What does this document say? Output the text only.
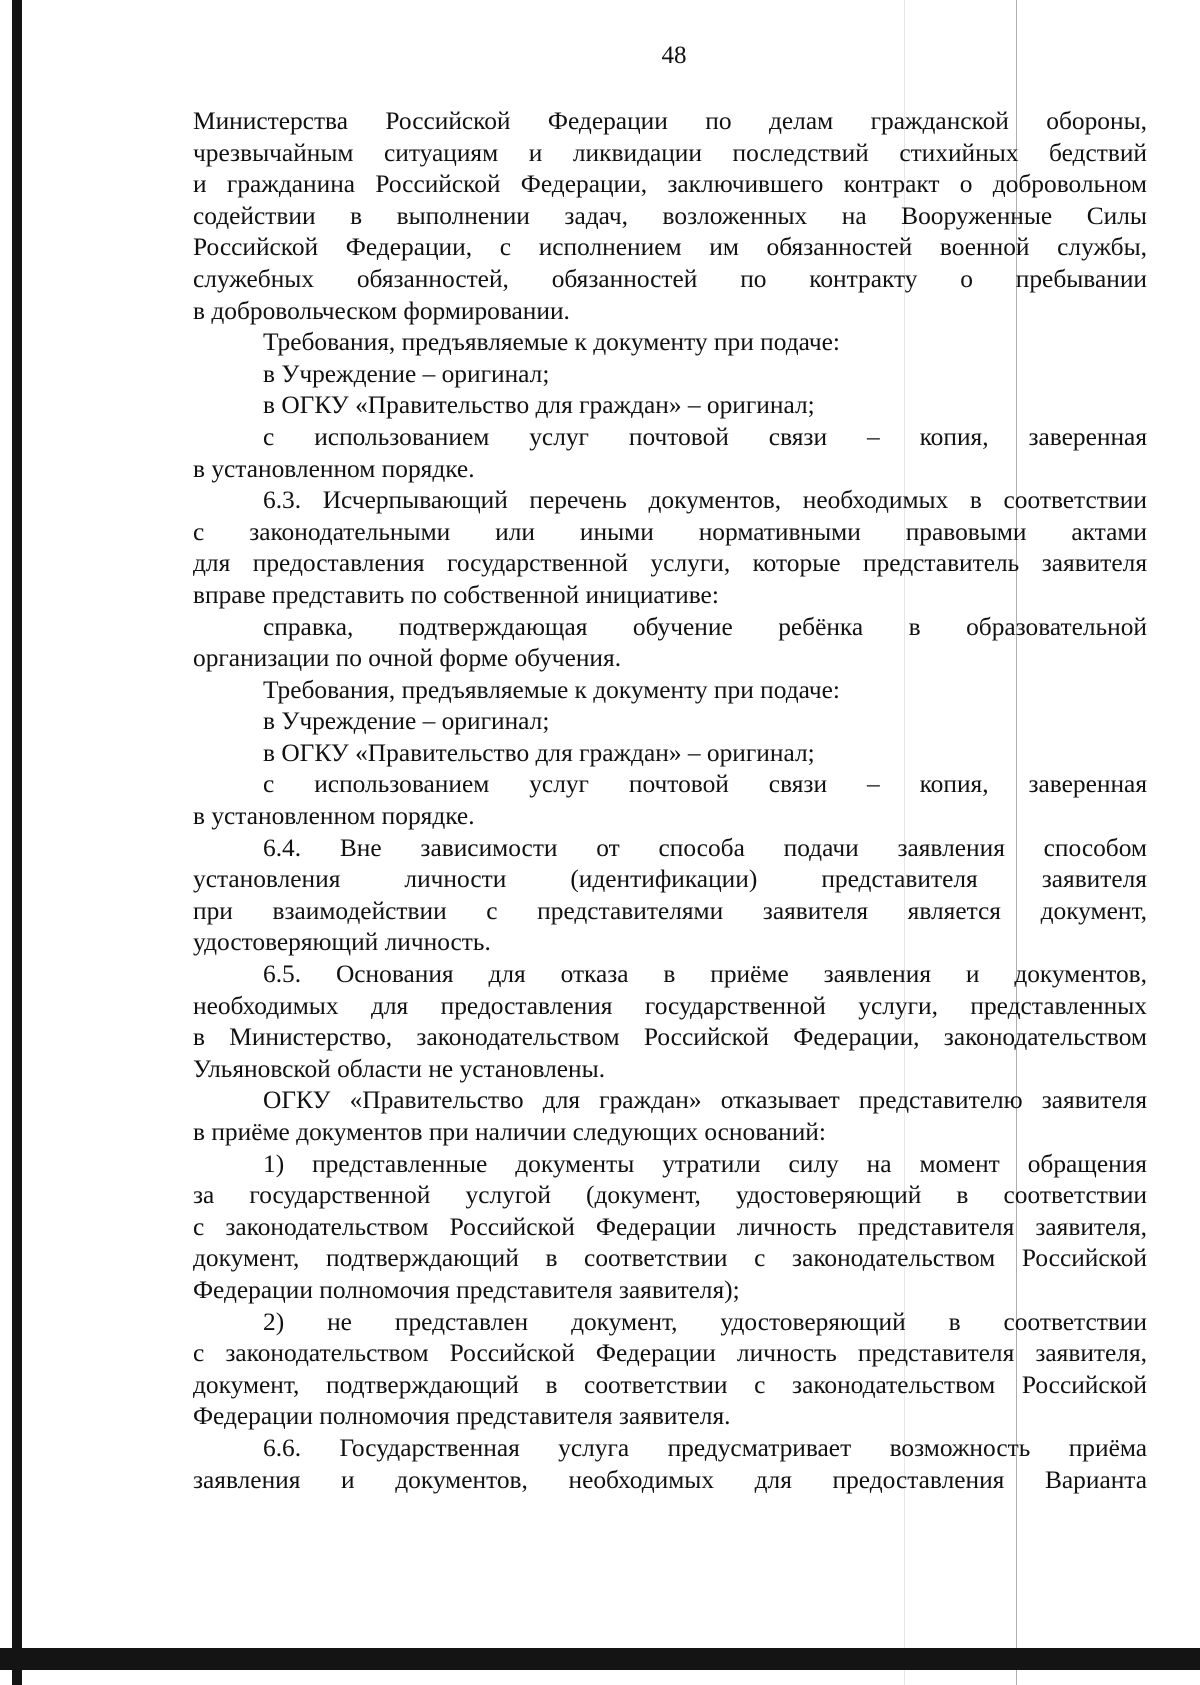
48
Министерства Российской Федерации по делам гражданской обороны,
чрезвычайным ситуациям и ликвидации последствий стихийных бедствий
и гражданина Российской Федерации, заключившего контракт о добровольном
содействии в выполнении задач, возложенных на Вооруженные Силы
Российской Федерации, с исполнением им обязанностей военной службы,
служебных обязанностей, обязанностей по контракту о пребывании
в добровольческом формировании.
Требования, предъявляемые к документу при подаче:
в Учреждение – оригинал;
в ОГКУ «Правительство для граждан» – оригинал;
с использованием услуг почтовой связи – копия, заверенная
в установленном порядке.
6.3. Исчерпывающий перечень документов, необходимых в соответствии
с законодательными или иными нормативными правовыми актами
для предоставления государственной услуги, которые представитель заявителя
вправе представить по собственной инициативе:
справка, подтверждающая обучение ребёнка в образовательной
организации по очной форме обучения.
Требования, предъявляемые к документу при подаче:
в Учреждение – оригинал;
в ОГКУ «Правительство для граждан» – оригинал;
с использованием услуг почтовой связи – копия, заверенная
в установленном порядке.
6.4. Вне зависимости от способа подачи заявления способом
установления личности (идентификации) представителя заявителя
при взаимодействии с представителями заявителя является документ,
удостоверяющий личность.
6.5. Основания для отказа в приёме заявления и документов,
необходимых для предоставления государственной услуги, представленных
в Министерство, законодательством Российской Федерации, законодательством
Ульяновской области не установлены.
ОГКУ «Правительство для граждан» отказывает представителю заявителя
в приёме документов при наличии следующих оснований:
1) представленные документы утратили силу на момент обращения
за государственной услугой (документ, удостоверяющий в соответствии
с законодательством Российской Федерации личность представителя заявителя,
документ, подтверждающий в соответствии с законодательством Российской
Федерации полномочия представителя заявителя);
2) не представлен документ, удостоверяющий в соответствии
с законодательством Российской Федерации личность представителя заявителя,
документ, подтверждающий в соответствии с законодательством Российской
Федерации полномочия представителя заявителя.
6.6. Государственная услуга предусматривает возможность приёма
заявления и документов, необходимых для предоставления Варианта
